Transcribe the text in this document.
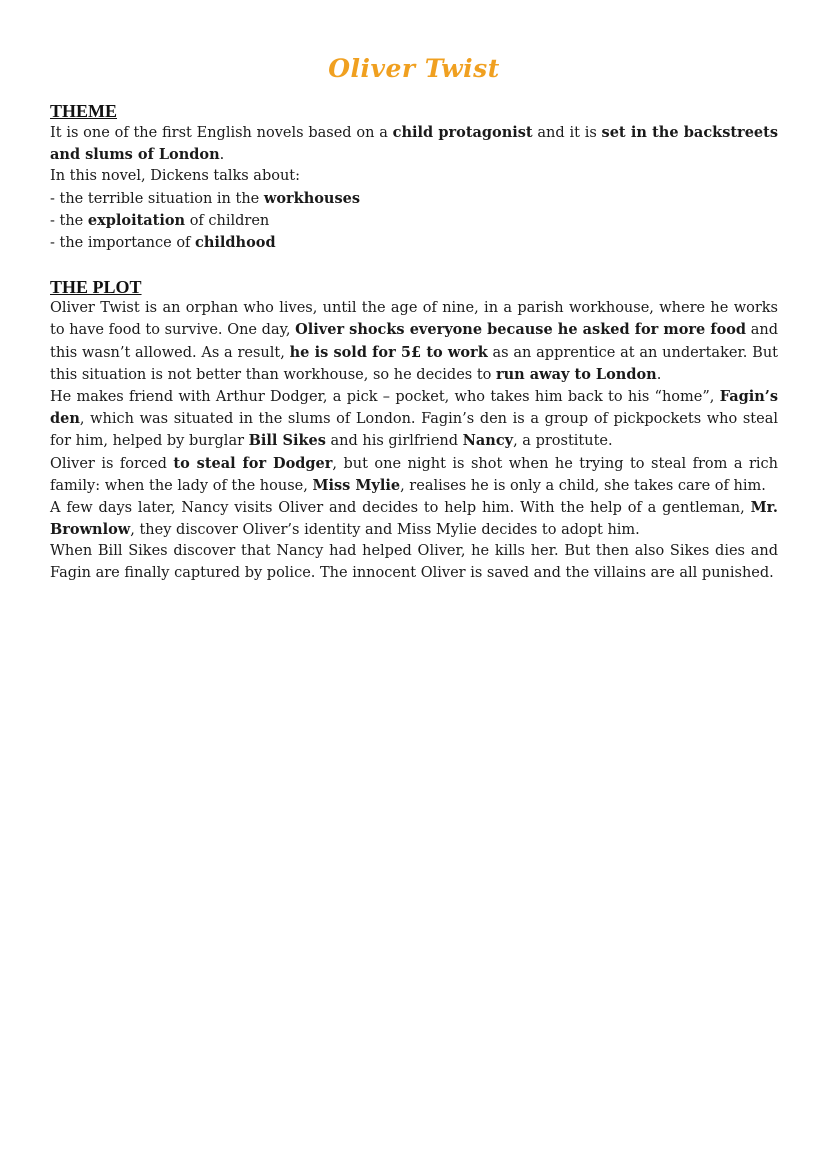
Oliver Twist
THEME

It is one of the first English novels based on a child protagonist and it is set in the backstreets and slums of London.

In this novel, Dickens talks about:

- the terrible situation in the workhouses

- the exploitation of children

- the importance of childhood

THE PLOT

Oliver Twist is an orphan who lives, until the age of nine, in a parish workhouse, where he works to have food to survive. One day, Oliver shocks everyone because he asked for more food and this wasn’t allowed. As a result, he is sold for 5£ to work as an apprentice at an undertaker. But this situation is not better than workhouse, so he decides to run away to London.

He makes friend with Arthur Dodger, a pick – pocket, who takes him back to his “home”, Fagin’s den, which was situated in the slums of London. Fagin’s den is a group of pickpockets who steal for him, helped by burglar Bill Sikes and his girlfriend Nancy, a prostitute.

Oliver is forced to steal for Dodger, but one night is shot when he trying to steal from a rich family: when the lady of the house, Miss Mylie, realises he is only a child, she takes care of him.

A few days later, Nancy visits Oliver and decides to help him. With the help of a gentleman, Mr. Brownlow, they discover Oliver’s identity and Miss Mylie decides to adopt him.

When Bill Sikes discover that Nancy had helped Oliver, he kills her. But then also Sikes dies and Fagin are finally captured by police. The innocent Oliver is saved and the villains are all punished.
